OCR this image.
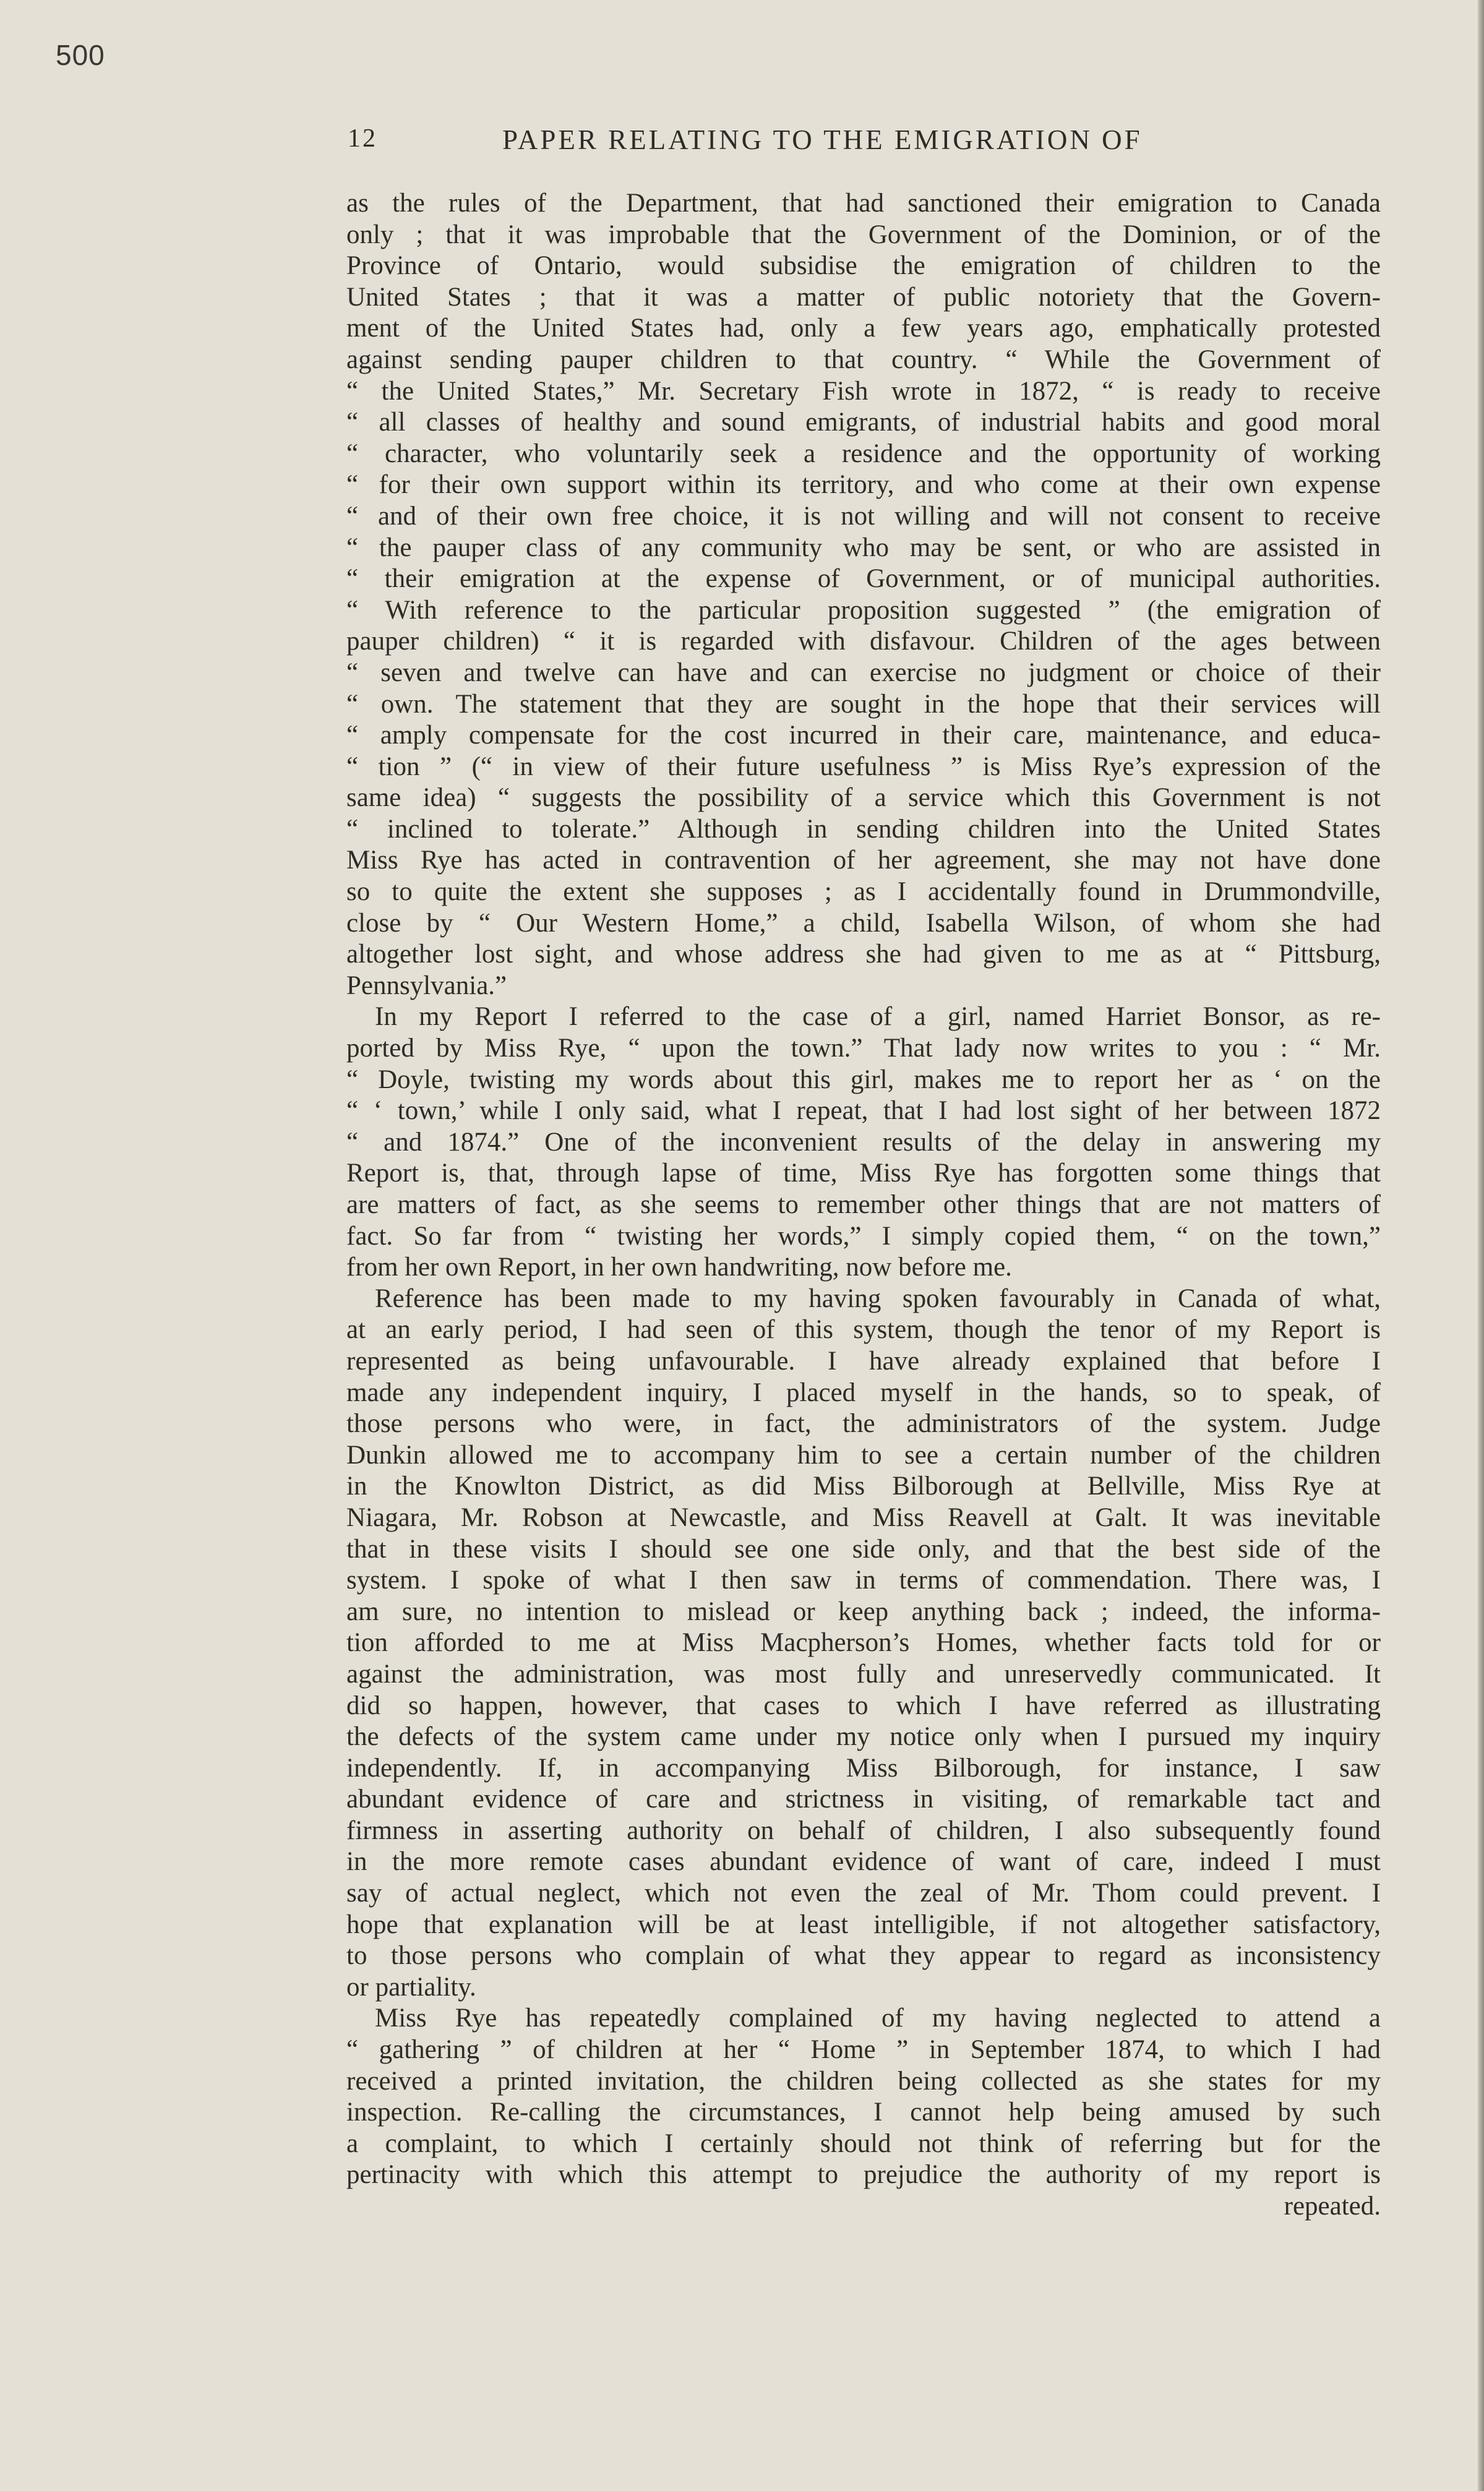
500
12	PAPER RELATING TO THE EMIGRATION OF
as the rules of the Department, that had sanctioned their emigration to Canada
only ; that it was improbable that the Government of the Dominion, or of the
Province of Ontario, would subsidise the emigration of children to the
United States ; that it was a matter of public notoriety that the Govern-
ment of the United States had, only a few years ago, emphatically protested
against sending pauper children to that country. “ While the Government of
“ the United States,” Mr. Secretary Fish wrote in 1872, “ is ready to receive
“ all classes of healthy and sound emigrants, of industrial habits and good moral
“ character, who voluntarily seek a residence and the opportunity of working
“ for their own support within its territory, and who come at their own expense
“ and of their own free choice, it is not willing and will not consent to receive
“ the pauper class of any community who may be sent, or who are assisted in
“ their emigration at the expense of Government, or of municipal authorities.
“ With reference to the particular proposition suggested ” (the emigration of
pauper children) “ it is regarded with disfavour. Children of the ages between
“ seven and twelve can have and can exercise no judgment or choice of their
“ own. The statement that they are sought in the hope that their services will
“ amply compensate for the cost incurred in their care, maintenance, and educa-
“ tion ” (“ in view of their future usefulness ” is Miss Rye’s expression of the
same idea) “ suggests the possibility of a service which this Government is not
“ inclined to tolerate.” Although in sending children into the United States
Miss Rye has acted in contravention of her agreement, she may not have done
so to quite the extent she supposes ; as I accidentally found in Drummondville,
close by “ Our Western Home,” a child, Isabella Wilson, of whom she had
altogether lost sight, and whose address she had given to me as at “ Pittsburg,
Pennsylvania.”
In my Report I referred to the case of a girl, named Harriet Bonsor, as re-
ported by Miss Rye, “ upon the town.” That lady now writes to you : “ Mr.
“ Doyle, twisting my words about this girl, makes me to report her as ‘ on the
“ ‘ town,’ while I only said, what I repeat, that I had lost sight of her between 1872
“ and 1874.” One of the inconvenient results of the delay in answering my
Report is, that, through lapse of time, Miss Rye has forgotten some things that
are matters of fact, as she seems to remember other things that are not matters of
fact. So far from “ twisting her words,” I simply copied them, “ on the town,”
from her own Report, in her own handwriting, now before me.
Reference has been made to my having spoken favourably in Canada of what,
at an early period, I had seen of this system, though the tenor of my Report is
represented as being unfavourable. I have already explained that before I
made any independent inquiry, I placed myself in the hands, so to speak, of
those persons who were, in fact, the administrators of the system. Judge
Dunkin allowed me to accompany him to see a certain number of the children
in the Knowlton District, as did Miss Bilborough at Bellville, Miss Rye at
Niagara, Mr. Robson at Newcastle, and Miss Reavell at Galt. It was inevitable
that in these visits I should see one side only, and that the best side of the
system. I spoke of what I then saw in terms of commendation. There was, I
am sure, no intention to mislead or keep anything back ; indeed, the informa-
tion afforded to me at Miss Macpherson’s Homes, whether facts told for or
against the administration, was most fully and unreservedly communicated. It
did so happen, however, that cases to which I have referred as illustrating
the defects of the system came under my notice only when I pursued my inquiry
independently. If, in accompanying Miss Bilborough, for instance, I saw
abundant evidence of care and strictness in visiting, of remarkable tact and
firmness in asserting authority on behalf of children, I also subsequently found
in the more remote cases abundant evidence of want of care, indeed I must
say of actual neglect, which not even the zeal of Mr. Thom could prevent. I
hope that explanation will be at least intelligible, if not altogether satisfactory,
to those persons who complain of what they appear to regard as inconsistency
or partiality.
Miss Rye has repeatedly complained of my having neglected to attend a
“ gathering ” of children at her “ Home ” in September 1874, to which I had
received a printed invitation, the children being collected as she states for my
inspection. Re-calling the circumstances, I cannot help being amused by such
a complaint, to which I certainly should not think of referring but for the
pertinacity with which this attempt to prejudice the authority of my report is
repeated.
